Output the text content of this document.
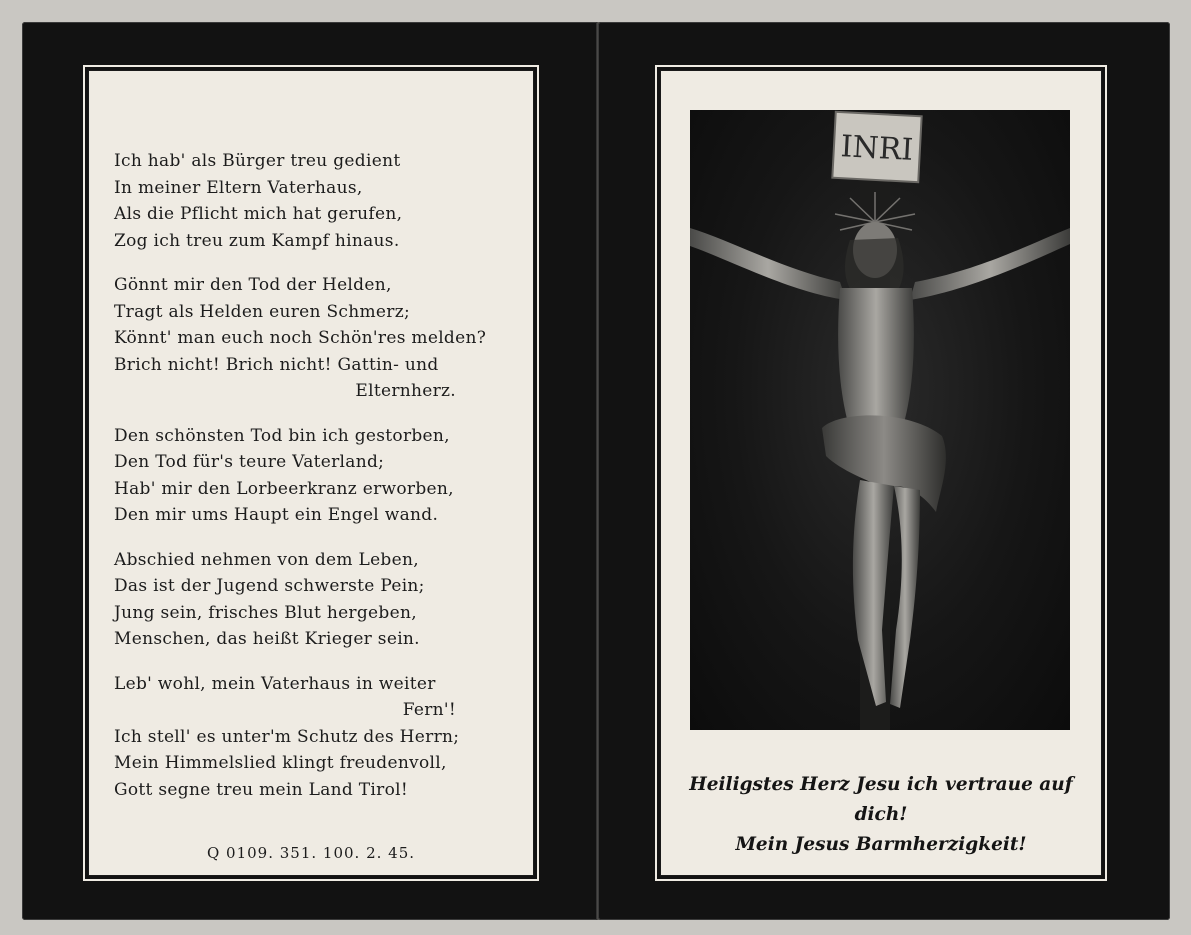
Ich hab' als Bürger treu gedient
In meiner Eltern Vaterhaus,
Als die Pflicht mich hat gerufen,
Zog ich treu zum Kampf hinaus.
Gönnt mir den Tod der Helden,
Tragt als Helden euren Schmerz;
Könnt' man euch noch Schön'res melden?
Brich nicht! Brich nicht! Gattin- und
Elternherz.
Den schönsten Tod bin ich gestorben,
Den Tod für's teure Vaterland;
Hab' mir den Lorbeerkranz erworben,
Den mir ums Haupt ein Engel wand.
Abschied nehmen von dem Leben,
Das ist der Jugend schwerste Pein;
Jung sein, frisches Blut hergeben,
Menschen, das heißt Krieger sein.
Leb' wohl, mein Vaterhaus in weiter
Fern'!
Ich stell' es unter'm Schutz des Herrn;
Mein Himmelslied klingt freudenvoll,
Gott segne treu mein Land Tirol!
Q 0109. 351. 100. 2. 45.
INRI
Heiligstes Herz Jesu ich vertraue auf dich!
Mein Jesus Barmherzigkeit!
